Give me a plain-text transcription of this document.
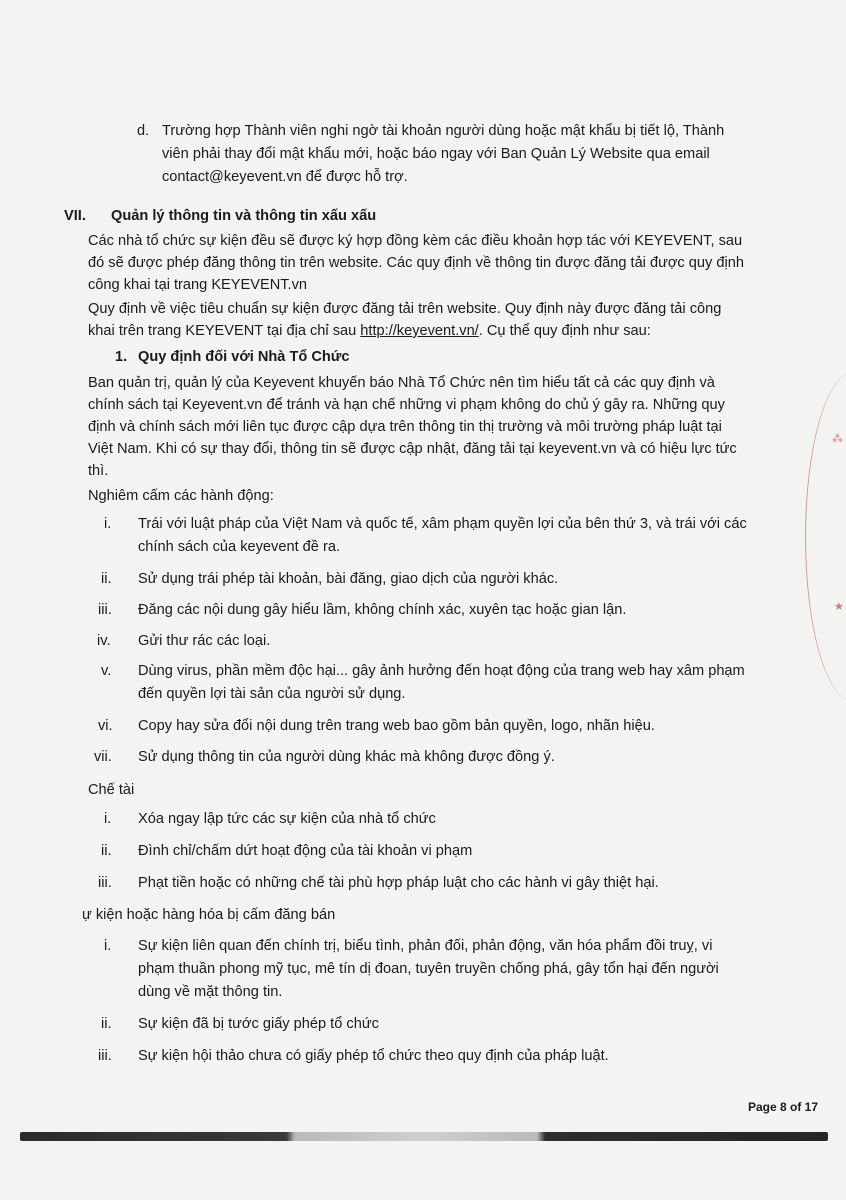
d. Trường hợp Thành viên nghi ngờ tài khoản người dùng hoặc mật khẩu bị tiết lộ, Thành
viên phải thay đổi mật khẩu mới, hoặc báo ngay với Ban Quản Lý Website qua email
contact@keyevent.vn để được hỗ trợ.
VII. Quản lý thông tin và thông tin xấu xấu
Các nhà tổ chức sự kiện đều sẽ được ký hợp đồng kèm các điều khoản hợp tác với KEYEVENT, sau
đó sẽ được phép đăng thông tin trên website. Các quy định về thông tin được đăng tải được quy định
công khai tại trang KEYEVENT.vn
Quy định về việc tiêu chuẩn sự kiện được đăng tải trên website. Quy định này được đăng tải công
khai trên trang KEYEVENT tại địa chỉ sau http://keyevent.vn/. Cụ thể quy định như sau:
1. Quy định đối với Nhà Tổ Chức
Ban quản trị, quản lý của Keyevent khuyến báo Nhà Tổ Chức nên tìm hiểu tất cả các quy định và
chính sách tại Keyevent.vn để tránh và hạn chế những vi phạm không do chủ ý gây ra. Những quy
định và chính sách mới liên tục được cập dựa trên thông tin thị trường và môi trường pháp luật tại
Việt Nam. Khi có sự thay đổi, thông tin sẽ được cập nhật, đăng tải tại keyevent.vn và có hiệu lực tức
thì.
Nghiêm cấm các hành động:
i. Trái với luật pháp của Việt Nam và quốc tế, xâm phạm quyền lợi của bên thứ 3, và trái với các
chính sách của keyevent đề ra.
ii. Sử dụng trái phép tài khoản, bài đăng, giao dịch của người khác.
iii. Đăng các nội dung gây hiểu lầm, không chính xác, xuyên tạc hoặc gian lận.
iv. Gửi thư rác các loại.
v. Dùng virus, phần mềm độc hại... gây ảnh hưởng đến hoạt động của trang web hay xâm phạm
đến quyền lợi tài sản của người sử dụng.
vi. Copy hay sửa đổi nội dung trên trang web bao gồm bản quyền, logo, nhãn hiệu.
vii. Sử dụng thông tin của người dùng khác mà không được đồng ý.
Chế tài
i. Xóa ngay lập tức các sự kiện của nhà tổ chức
ii. Đình chỉ/chấm dứt hoạt động của tài khoản vi phạm
iii. Phạt tiền hoặc có những chế tài phù hợp pháp luật cho các hành vi gây thiệt hại.
ự kiện hoặc hàng hóa bị cấm đăng bán
i. Sự kiện liên quan đến chính trị, biểu tình, phản đối, phản động, văn hóa phẩm đồi truỵ, vi
phạm thuần phong mỹ tục, mê tín dị đoan, tuyên truyền chống phá, gây tổn hại đến người
dùng về mặt thông tin.
ii. Sự kiện đã bị tước giấy phép tổ chức
iii. Sự kiện hội thảo chưa có giấy phép tổ chức theo quy định của pháp luật.
Page 8 of 17
⁂
★
